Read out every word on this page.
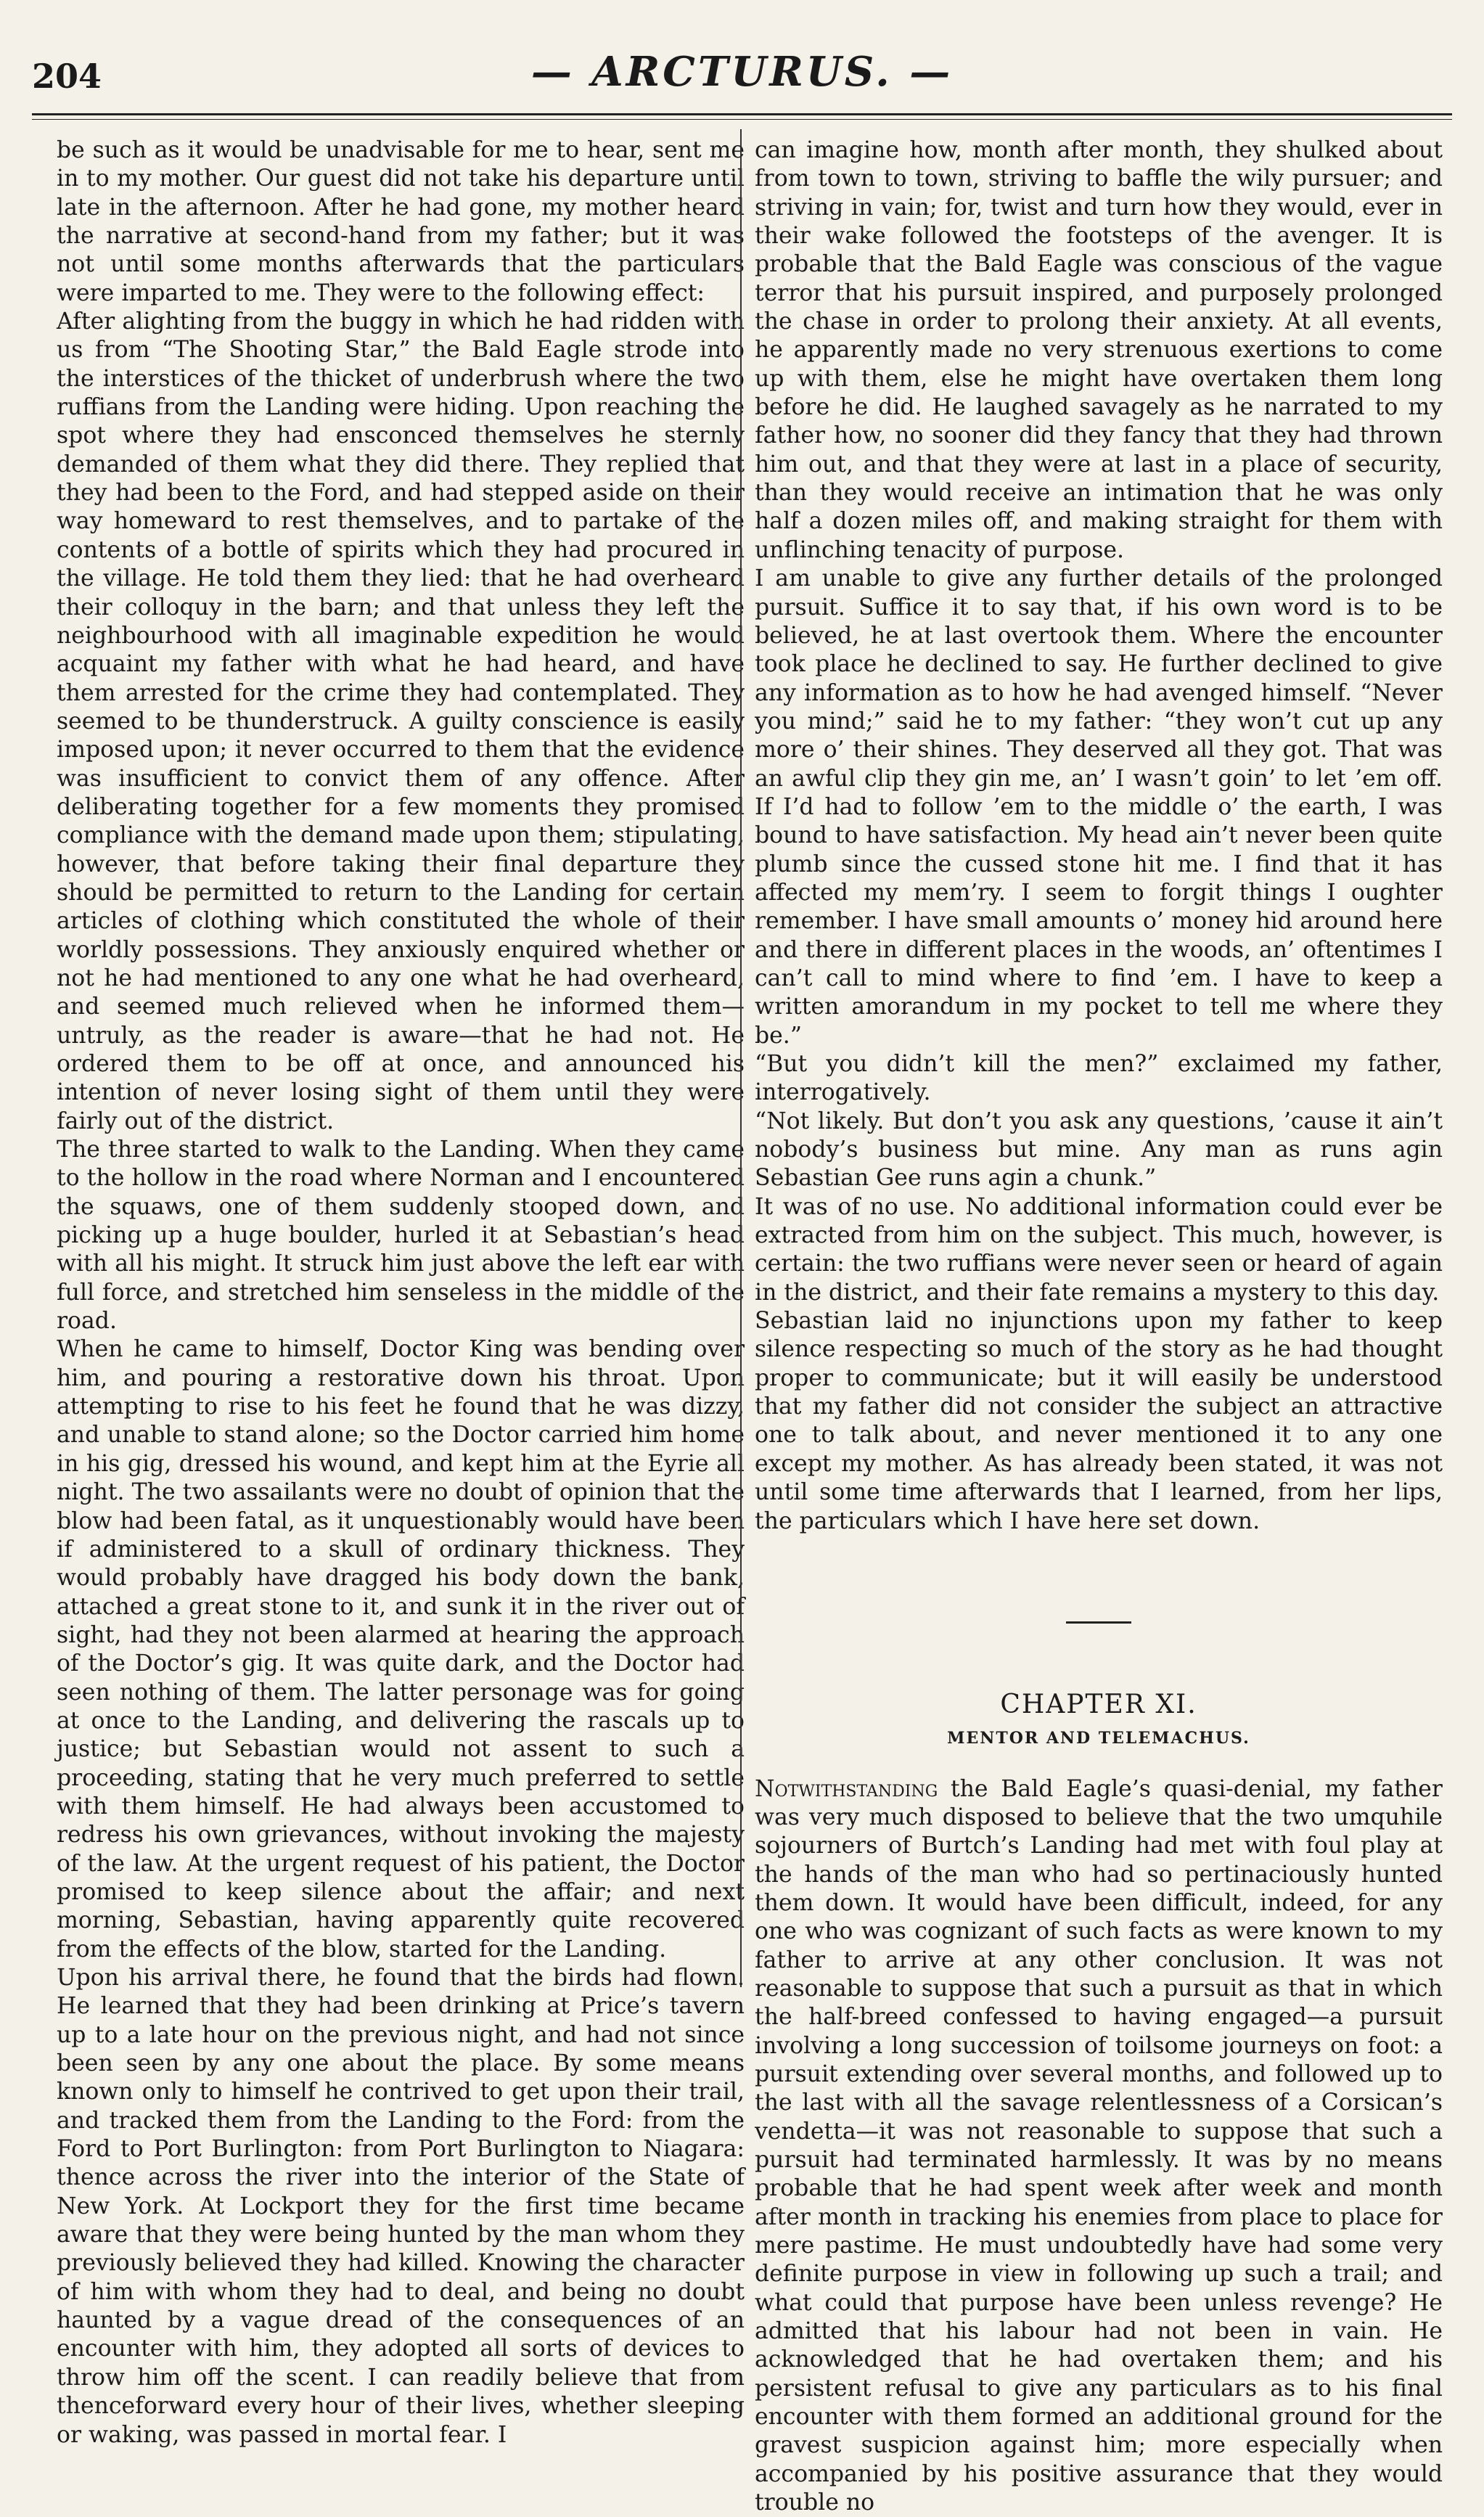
204	— ARCTURUS. —

be such as it would be unadvisable for me to hear, sent me in to my mother. Our guest did not take his departure until late in the afternoon. After he had gone, my mother heard the narrative at second-hand from my father; but it was not until some months afterwards that the particulars were imparted to me. They were to the following effect:

After alighting from the buggy in which he had ridden with us from “The Shooting Star,” the Bald Eagle strode into the interstices of the thicket of underbrush where the two ruffians from the Landing were hiding. Upon reaching the spot where they had ensconced themselves he sternly demanded of them what they did there. They replied that they had been to the Ford, and had stepped aside on their way homeward to rest themselves, and to partake of the contents of a bottle of spirits which they had procured in the village. He told them they lied: that he had overheard their colloquy in the barn; and that unless they left the neighbourhood with all imaginable expedition he would acquaint my father with what he had heard, and have them arrested for the crime they had contemplated. They seemed to be thunderstruck. A guilty conscience is easily imposed upon; it never occurred to them that the evidence was insufficient to convict them of any offence. After deliberating together for a few moments they promised compliance with the demand made upon them; stipulating, however, that before taking their final departure they should be permitted to return to the Landing for certain articles of clothing which constituted the whole of their worldly possessions. They anxiously enquired whether or not he had mentioned to any one what he had overheard, and seemed much relieved when he informed them—untruly, as the reader is aware—that he had not. He ordered them to be off at once, and announced his intention of never losing sight of them until they were fairly out of the district.

The three started to walk to the Landing. When they came to the hollow in the road where Norman and I encountered the squaws, one of them suddenly stooped down, and picking up a huge boulder, hurled it at Sebastian’s head with all his might. It struck him just above the left ear with full force, and stretched him senseless in the middle of the road.

When he came to himself, Doctor King was bending over him, and pouring a restorative down his throat. Upon attempting to rise to his feet he found that he was dizzy, and unable to stand alone; so the Doctor carried him home in his gig, dressed his wound, and kept him at the Eyrie all night. The two assailants were no doubt of opinion that the blow had been fatal, as it unquestionably would have been if administered to a skull of ordinary thickness. They would probably have dragged his body down the bank, attached a great stone to it, and sunk it in the river out of sight, had they not been alarmed at hearing the approach of the Doctor’s gig. It was quite dark, and the Doctor had seen nothing of them. The latter personage was for going at once to the Landing, and delivering the rascals up to justice; but Sebastian would not assent to such a proceeding, stating that he very much preferred to settle with them himself. He had always been accustomed to redress his own grievances, without invoking the majesty of the law. At the urgent request of his patient, the Doctor promised to keep silence about the affair; and next morning, Sebastian, having apparently quite recovered from the effects of the blow, started for the Landing.

Upon his arrival there, he found that the birds had flown. He learned that they had been drinking at Price’s tavern up to a late hour on the previous night, and had not since been seen by any one about the place. By some means known only to himself he contrived to get upon their trail, and tracked them from the Landing to the Ford: from the Ford to Port Burlington: from Port Burlington to Niagara: thence across the river into the interior of the State of New York. At Lockport they for the first time became aware that they were being hunted by the man whom they previously believed they had killed. Knowing the character of him with whom they had to deal, and being no doubt haunted by a vague dread of the consequences of an encounter with him, they adopted all sorts of devices to throw him off the scent. I can readily believe that from thenceforward every hour of their lives, whether sleeping or waking, was passed in mortal fear. I

can imagine how, month after month, they shulked about from town to town, striving to baffle the wily pursuer; and striving in vain; for, twist and turn how they would, ever in their wake followed the footsteps of the avenger. It is probable that the Bald Eagle was conscious of the vague terror that his pursuit inspired, and purposely prolonged the chase in order to prolong their anxiety. At all events, he apparently made no very strenuous exertions to come up with them, else he might have overtaken them long before he did. He laughed savagely as he narrated to my father how, no sooner did they fancy that they had thrown him out, and that they were at last in a place of security, than they would receive an intimation that he was only half a dozen miles off, and making straight for them with unflinching tenacity of purpose.

I am unable to give any further details of the prolonged pursuit. Suffice it to say that, if his own word is to be believed, he at last overtook them. Where the encounter took place he declined to say. He further declined to give any information as to how he had avenged himself. “Never you mind;” said he to my father: “they won’t cut up any more o’ their shines. They deserved all they got. That was an awful clip they gin me, an’ I wasn’t goin’ to let ’em off. If I’d had to follow ’em to the middle o’ the earth, I was bound to have satisfaction. My head ain’t never been quite plumb since the cussed stone hit me. I find that it has affected my mem’ry. I seem to forgit things I oughter remember. I have small amounts o’ money hid around here and there in different places in the woods, an’ oftentimes I can’t call to mind where to find ’em. I have to keep a written amorandum in my pocket to tell me where they be.”

“But you didn’t kill the men?” exclaimed my father, interrogatively.

“Not likely. But don’t you ask any questions, ’cause it ain’t nobody’s business but mine. Any man as runs agin Sebastian Gee runs agin a chunk.”

It was of no use. No additional information could ever be extracted from him on the subject. This much, however, is certain: the two ruffians were never seen or heard of again in the district, and their fate remains a mystery to this day.

Sebastian laid no injunctions upon my father to keep silence respecting so much of the story as he had thought proper to communicate; but it will easily be understood that my father did not consider the subject an attractive one to talk about, and never mentioned it to any one except my mother. As has already been stated, it was not until some time afterwards that I learned, from her lips, the particulars which I have here set down.

CHAPTER XI.
MENTOR AND TELEMACHUS.

Notwithstanding the Bald Eagle’s quasi-denial, my father was very much disposed to believe that the two umquhile sojourners of Burtch’s Landing had met with foul play at the hands of the man who had so pertinaciously hunted them down. It would have been difficult, indeed, for any one who was cognizant of such facts as were known to my father to arrive at any other conclusion. It was not reasonable to suppose that such a pursuit as that in which the half-breed confessed to having engaged—a pursuit involving a long succession of toilsome journeys on foot: a pursuit extending over several months, and followed up to the last with all the savage relentlessness of a Corsican’s vendetta—it was not reasonable to suppose that such a pursuit had terminated harmlessly. It was by no means probable that he had spent week after week and month after month in tracking his enemies from place to place for mere pastime. He must undoubtedly have had some very definite purpose in view in following up such a trail; and what could that purpose have been unless revenge? He admitted that his labour had not been in vain. He acknowledged that he had overtaken them; and his persistent refusal to give any particulars as to his final encounter with them formed an additional ground for the gravest suspicion against him; more especially when accompanied by his positive assurance that they would trouble no
